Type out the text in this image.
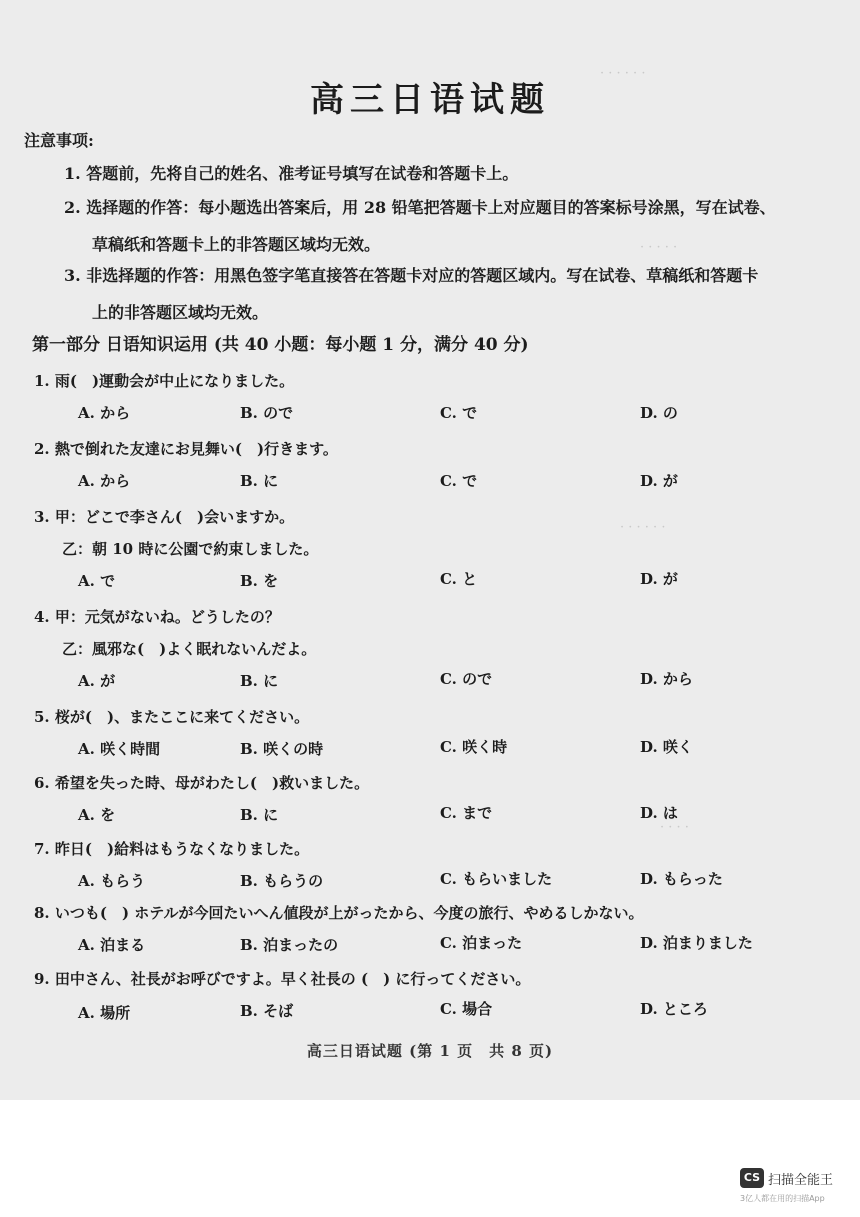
· · · · · ·
· · · · ·
· · · · · ·
· · · ·
高三日语试题
注意事项:
1. 答题前，先将自己的姓名、准考证号填写在试卷和答题卡上。
2. 选择题的作答：每小题选出答案后，用 28 铅笔把答题卡上对应题目的答案标号涂黑，写在试卷、
草稿纸和答题卡上的非答题区域均无效。
3. 非选择题的作答：用黑色签字笔直接答在答题卡对应的答题区域内。写在试卷、草稿纸和答题卡
上的非答题区域均无效。
第一部分 日语知识运用 (共 40 小题：每小题 1 分，满分 40 分)
1. 雨(　)運動会が中止になりました。
A. から	B. ので	C. で	D. の
2. 熱で倒れた友達にお見舞い(　)行きます。
A. から	B. に	C. で	D. が
3. 甲：どこで李さん(　)会いますか。
乙：朝 10 時に公園で約束しました。
A. で	B. を	C. と	D. が
4. 甲：元気がないね。どうしたの？
乙：風邪な(　)よく眠れないんだよ。
A. が	B. に	C. ので	D. から
5. 桜が(　)、またここに来てください。
A. 咲く時間	B. 咲くの時	C. 咲く時	D. 咲く
6. 希望を失った時、母がわたし(　)救いました。
A. を	B. に	C. まで	D. は
7. 昨日(　)給料はもうなくなりました。
A. もらう	B. もらうの	C. もらいました	D. もらった
8. いつも(　) ホテルが今回たいへん値段が上がったから、今度の旅行、やめるしかない。
A. 泊まる	B. 泊まったの	C. 泊まった	D. 泊まりました
9. 田中さん、社長がお呼びですよ。早く社長の (　) に行ってください。
A. 場所	B. そば	C. 場合	D. ところ
高三日语试题 (第 1 页　共 8 页)
CS 扫描全能王
3亿人都在用的扫描App
